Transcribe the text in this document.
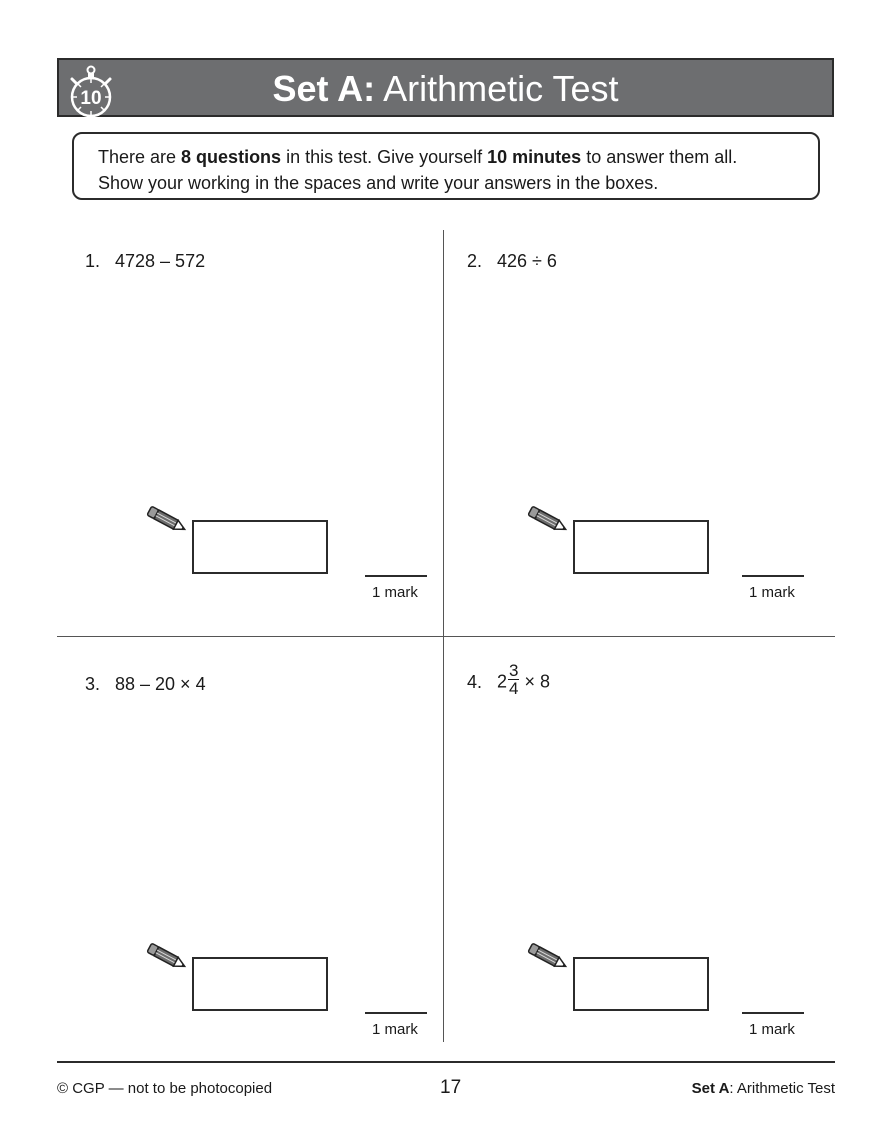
10	Set A: Arithmetic Test
There are 8 questions in this test. Give yourself 10 minutes to answer them all.
Show your working in the spaces and write your answers in the boxes.
1. 4728 – 572
1 mark
2. 426 ÷ 6
1 mark
3. 88 – 20 × 4
1 mark
4. $2 \frac{3}{4} \times 8$
1 mark
© CGP — not to be photocopied	17	Set A: Arithmetic Test
